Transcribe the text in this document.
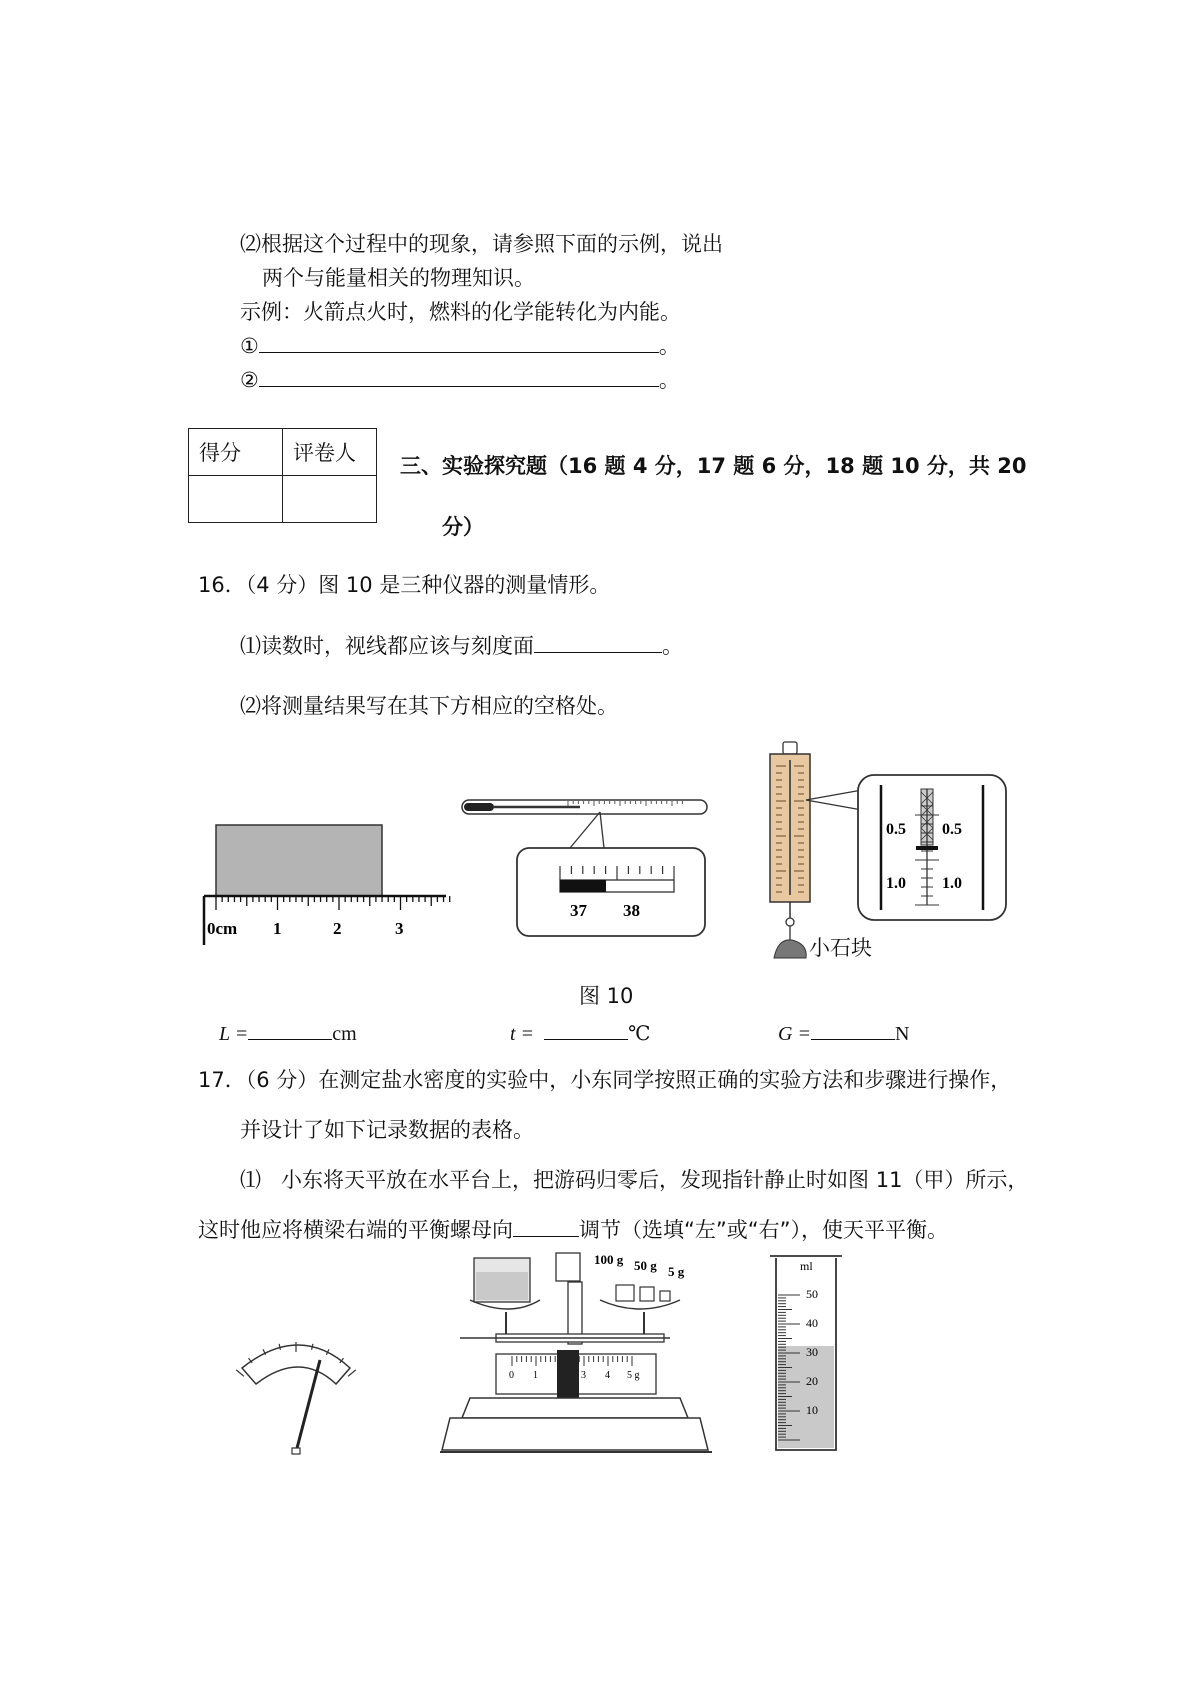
⑵根据这个过程中的现象，请参照下面的示例，说出
两个与能量相关的物理知识。
示例：火箭点火时，燃料的化学能转化为内能。
①	。
②	。
得分	评卷人

三、实验探究题（16 题 4 分，17 题 6 分，18 题 10 分，共 20
分）
16．（4 分）图 10 是三种仪器的测量情形。
⑴读数时，视线都应该与刻度面	。
⑵将测量结果写在其下方相应的空格处。
0cm 1	2	3
37 38
0.5 0.5
1.0 1.0
小石块
图 10
L =	cm	t =	℃	G =	N
17．（6 分）在测定盐水密度的实验中，小东同学按照正确的实验方法和步骤进行操作，
并设计了如下记录数据的表格。
⑴ 小东将天平放在水平台上，把游码归零后，发现指针静止时如图 11（甲）所示，
这时他应将横梁右端的平衡螺母向	调节（选填“左”或“右”），使天平平衡。
100 g 50 g 5 g
0 1	3 4 5 g
ml
50
40
30
20
10
